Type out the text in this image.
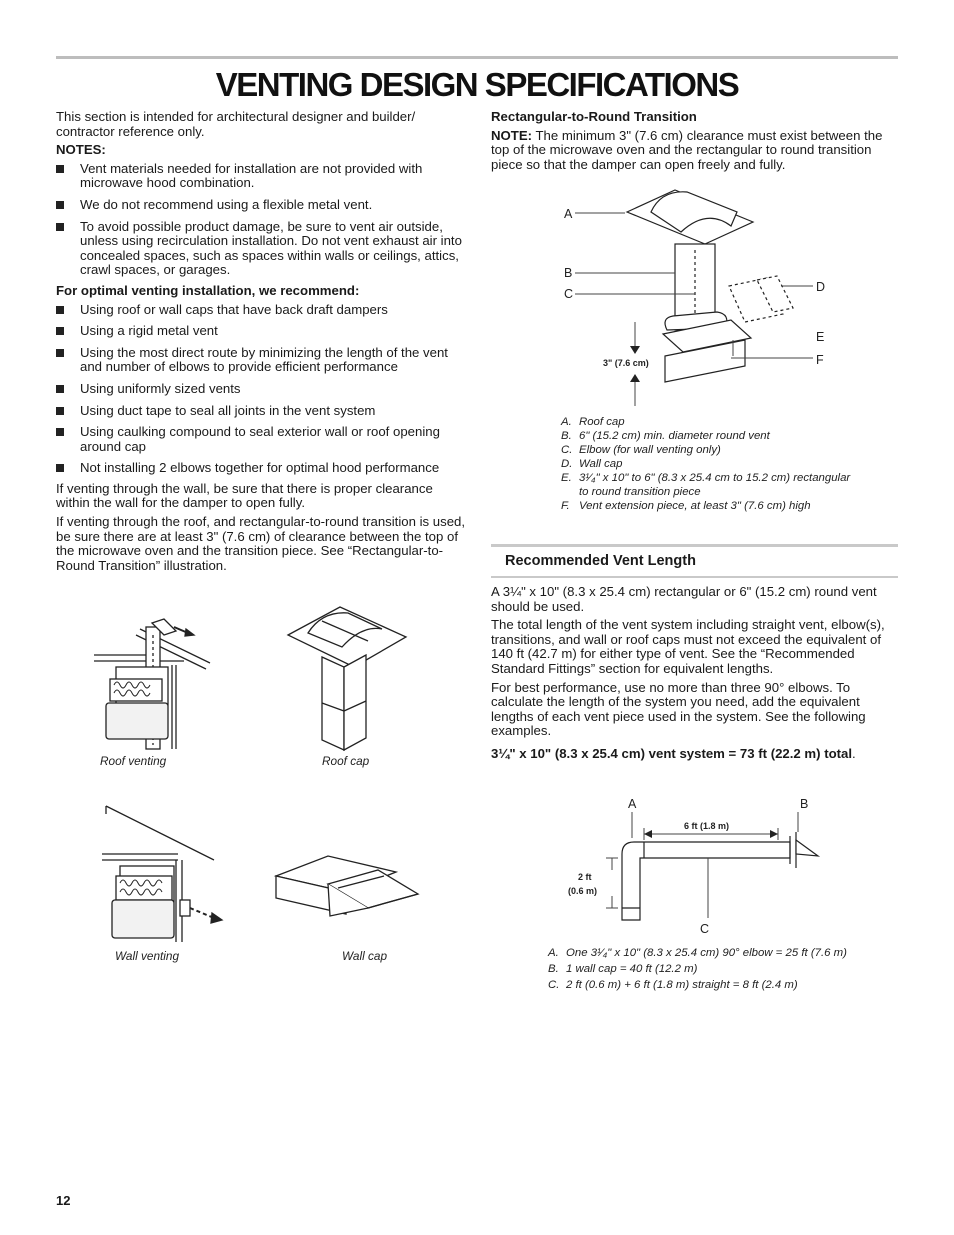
VENTING DESIGN SPECIFICATIONS

This section is intended for architectural designer and builder/ contractor reference only.

NOTES:

Vent materials needed for installation are not provided with microwave hood combination.
We do not recommend using a flexible metal vent.
To avoid possible product damage, be sure to vent air outside, unless using recirculation installation. Do not vent exhaust air into concealed spaces, such as spaces within walls or ceilings, attics, crawl spaces, or garages.

For optimal venting installation, we recommend:

Using roof or wall caps that have back draft dampers
Using a rigid metal vent
Using the most direct route by minimizing the length of the vent and number of elbows to provide efficient performance
Using uniformly sized vents
Using duct tape to seal all joints in the vent system
Using caulking compound to seal exterior wall or roof opening around cap
Not installing 2 elbows together for optimal hood performance

If venting through the wall, be sure that there is proper clearance within the wall for the damper to open fully.

If venting through the roof, and rectangular-to-round transition is used, be sure there are at least 3" (7.6 cm) of clearance between the top of the microwave oven and the transition piece. See “Rectangular-to-Round Transition” illustration.

Roof venting	Roof cap
Wall venting	Wall cap

Rectangular-to-Round Transition

NOTE: The minimum 3" (7.6 cm) clearance must exist between the top of the microwave oven and the rectangular to round transition piece so that the damper can open freely and fully.

A
B
C	D
E
F
3" (7.6 cm)
A. Roof cap
B. 6" (15.2 cm) min. diameter round vent
C. Elbow (for wall venting only)
D. Wall cap
E. 3¹⁄₄" x 10" to 6" (8.3 x 25.4 cm to 15.2 cm) rectangular to round transition piece
F. Vent extension piece, at least 3" (7.6 cm) high
Recommended Vent Length

A 3¼" x 10" (8.3 x 25.4 cm) rectangular or 6" (15.2 cm) round vent should be used.

The total length of the vent system including straight vent, elbow(s), transitions, and wall or roof caps must not exceed the equivalent of 140 ft (42.7 m) for either type of vent. See the “Recommended Standard Fittings” section for equivalent lengths.

For best performance, use no more than three 90° elbows. To calculate the length of the system you need, add the equivalent lengths of each vent piece used in the system. See the following examples.

3¼" x 10" (8.3 x 25.4 cm) vent system = 73 ft (22.2 m) total.

A	B
C
6 ft (1.8 m)
2 ft
(0.6 m)
A. One 3¹⁄₄" x 10" (8.3 x 25.4 cm) 90° elbow = 25 ft (7.6 m)
B. 1 wall cap = 40 ft (12.2 m)
C. 2 ft (0.6 m) + 6 ft (1.8 m) straight = 8 ft (2.4 m)
12
